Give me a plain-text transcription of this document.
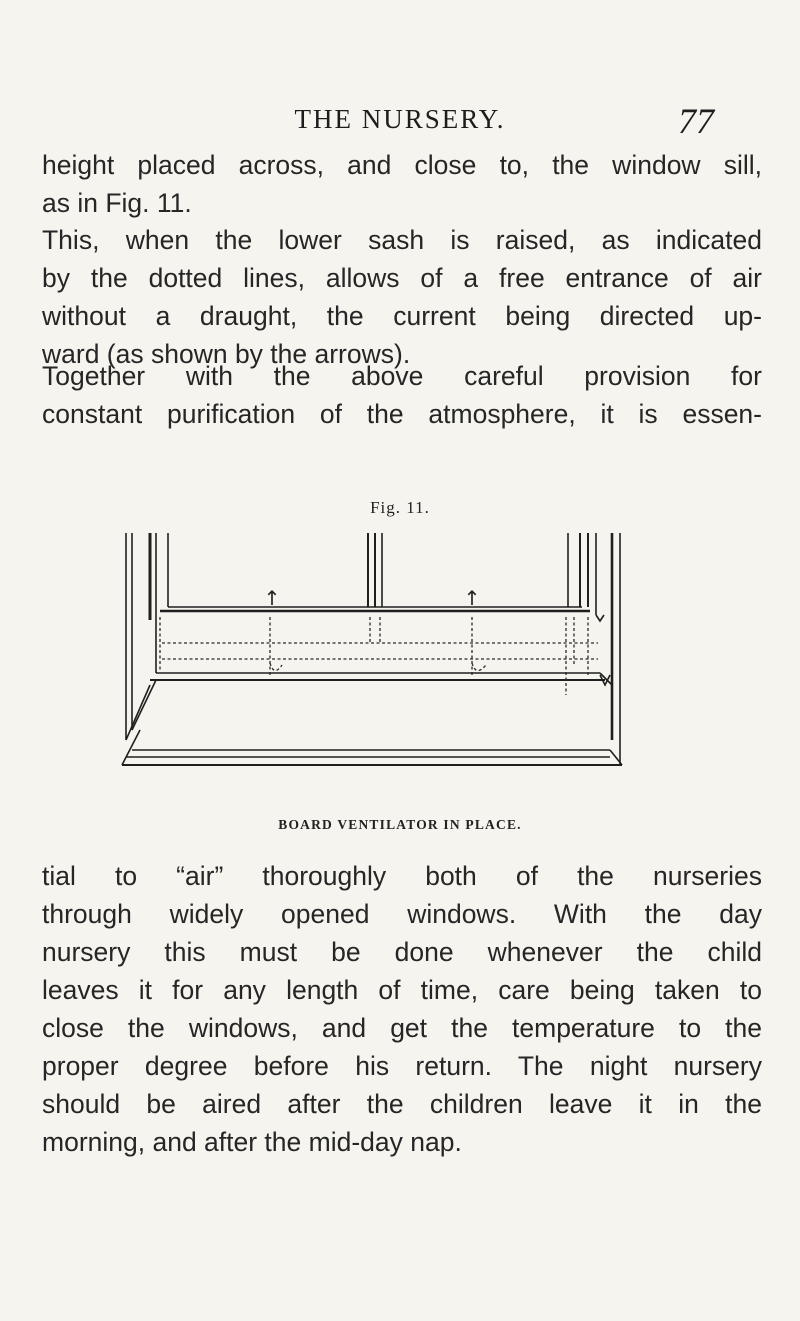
THE NURSERY.	77
height placed across, and close to, the window sill,
as in Fig. 11.
This, when the lower sash is raised, as indicated
by the dotted lines, allows of a free entrance of air
without a draught, the current being directed up-
ward (as shown by the arrows).
Together with the above careful provision for
constant purification of the atmosphere, it is essen-
Fig. 11.
↑	↑
BOARD VENTILATOR IN PLACE.
tial to “air” thoroughly both of the nurseries
through widely opened windows. With the day
nursery this must be done whenever the child
leaves it for any length of time, care being taken to
close the windows, and get the temperature to the
proper degree before his return. The night nursery
should be aired after the children leave it in the
morning, and after the mid-day nap.
